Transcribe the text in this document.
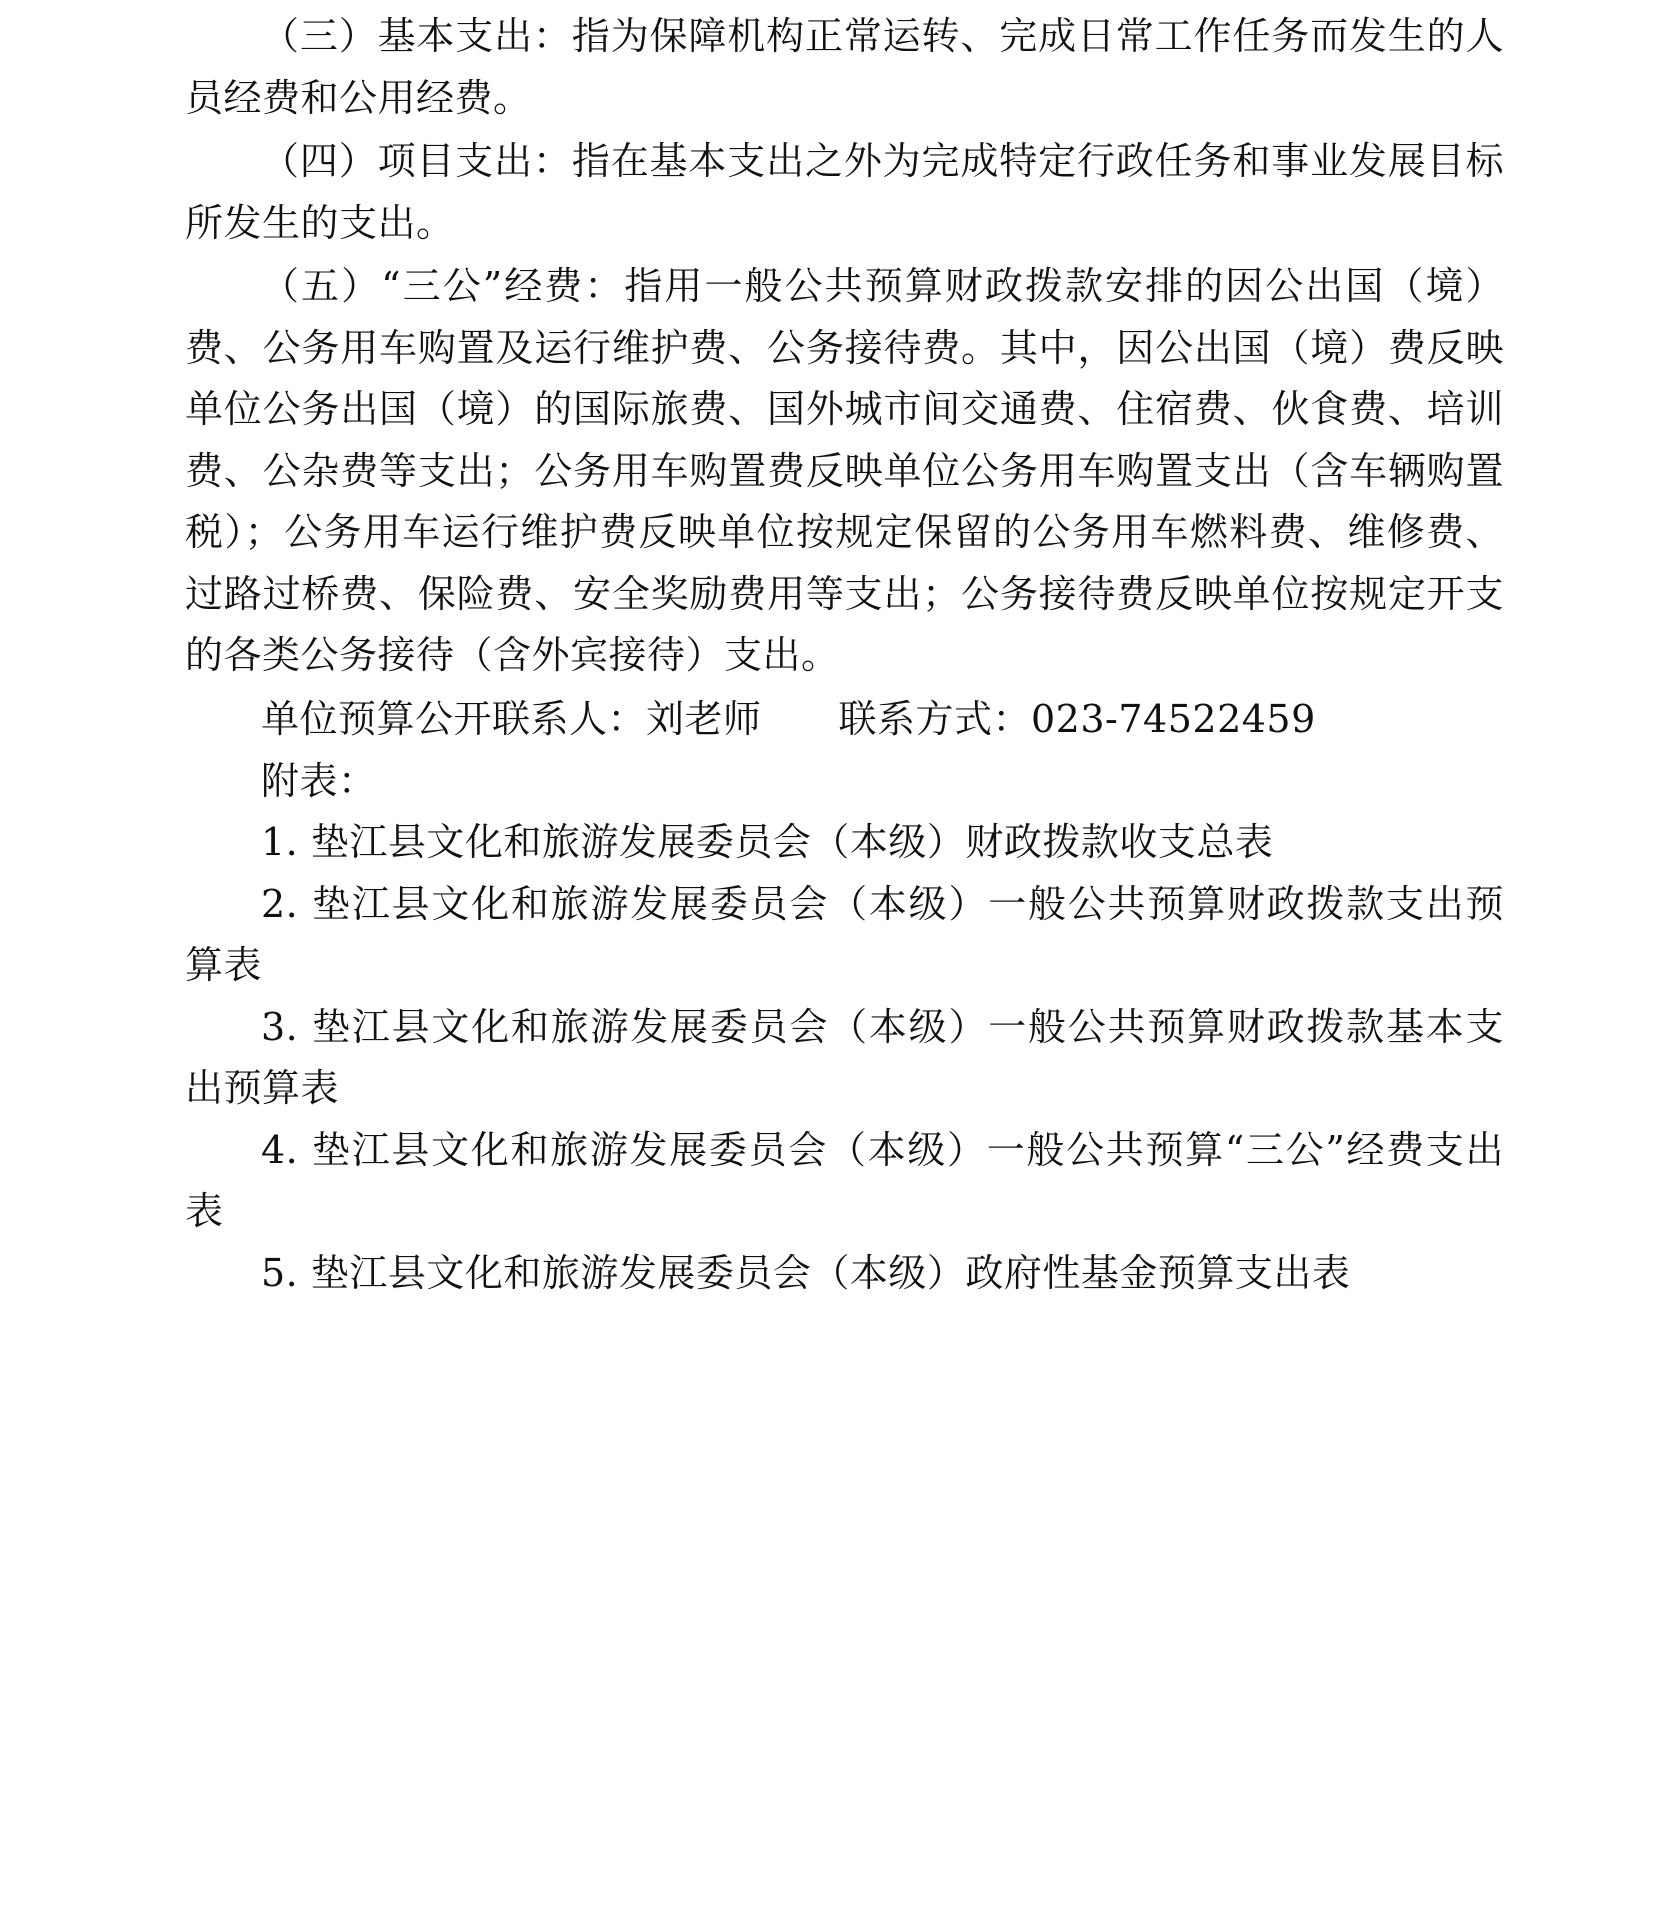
（三）基本支出：指为保障机构正常运转、完成日常工作任务而发生的人员经费和公用经费。

（四）项目支出：指在基本支出之外为完成特定行政任务和事业发展目标所发生的支出。

（五）“三公”经费：指用一般公共预算财政拨款安排的因公出国（境）费、公务用车购置及运行维护费、公务接待费。其中，因公出国（境）费反映单位公务出国（境）的国际旅费、国外城市间交通费、住宿费、伙食费、培训费、公杂费等支出；公务用车购置费反映单位公务用车购置支出（含车辆购置税）；公务用车运行维护费反映单位按规定保留的公务用车燃料费、维修费、过路过桥费、保险费、安全奖励费用等支出；公务接待费反映单位按规定开支的各类公务接待（含外宾接待）支出。

单位预算公开联系人：刘老师　　联系方式：023-74522459

附表：

1. 垫江县文化和旅游发展委员会（本级）财政拨款收支总表

2. 垫江县文化和旅游发展委员会（本级）一般公共预算财政拨款支出预算表

3. 垫江县文化和旅游发展委员会（本级）一般公共预算财政拨款基本支出预算表

4. 垫江县文化和旅游发展委员会（本级）一般公共预算“三公”经费支出表

5. 垫江县文化和旅游发展委员会（本级）政府性基金预算支出表
